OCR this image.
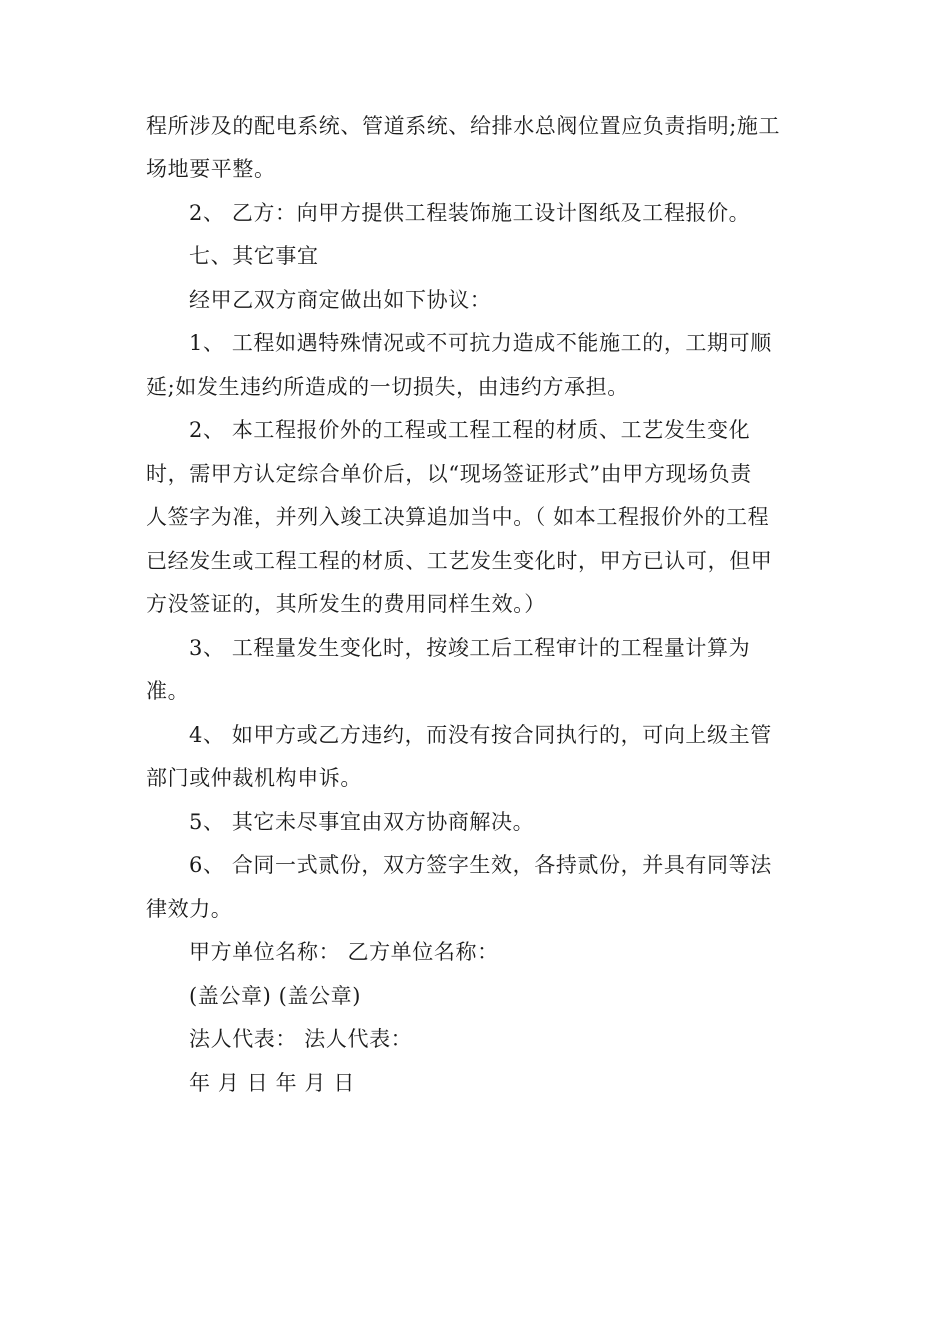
程所涉及的配电系统、管道系统、给排水总阀位置应负责指明;施工
场地要平整。
2、 乙方：向甲方提供工程装饰施工设计图纸及工程报价。
七、其它事宜
经甲乙双方商定做出如下协议：
1、 工程如遇特殊情况或不可抗力造成不能施工的，工期可顺
延;如发生违约所造成的一切损失，由违约方承担。
2、 本工程报价外的工程或工程工程的材质、工艺发生变化
时，需甲方认定综合单价后，以“现场签证形式”由甲方现场负责
人签字为准，并列入竣工决算追加当中。（ 如本工程报价外的工程
已经发生或工程工程的材质、工艺发生变化时，甲方已认可，但甲
方没签证的，其所发生的费用同样生效。）
3、 工程量发生变化时，按竣工后工程审计的工程量计算为
准。
4、 如甲方或乙方违约，而没有按合同执行的，可向上级主管
部门或仲裁机构申诉。
5、 其它未尽事宜由双方协商解决。
6、 合同一式贰份，双方签字生效，各持贰份，并具有同等法
律效力。
甲方单位名称： 乙方单位名称：
(盖公章) (盖公章)
法人代表： 法人代表：
年 月 日 年 月 日
